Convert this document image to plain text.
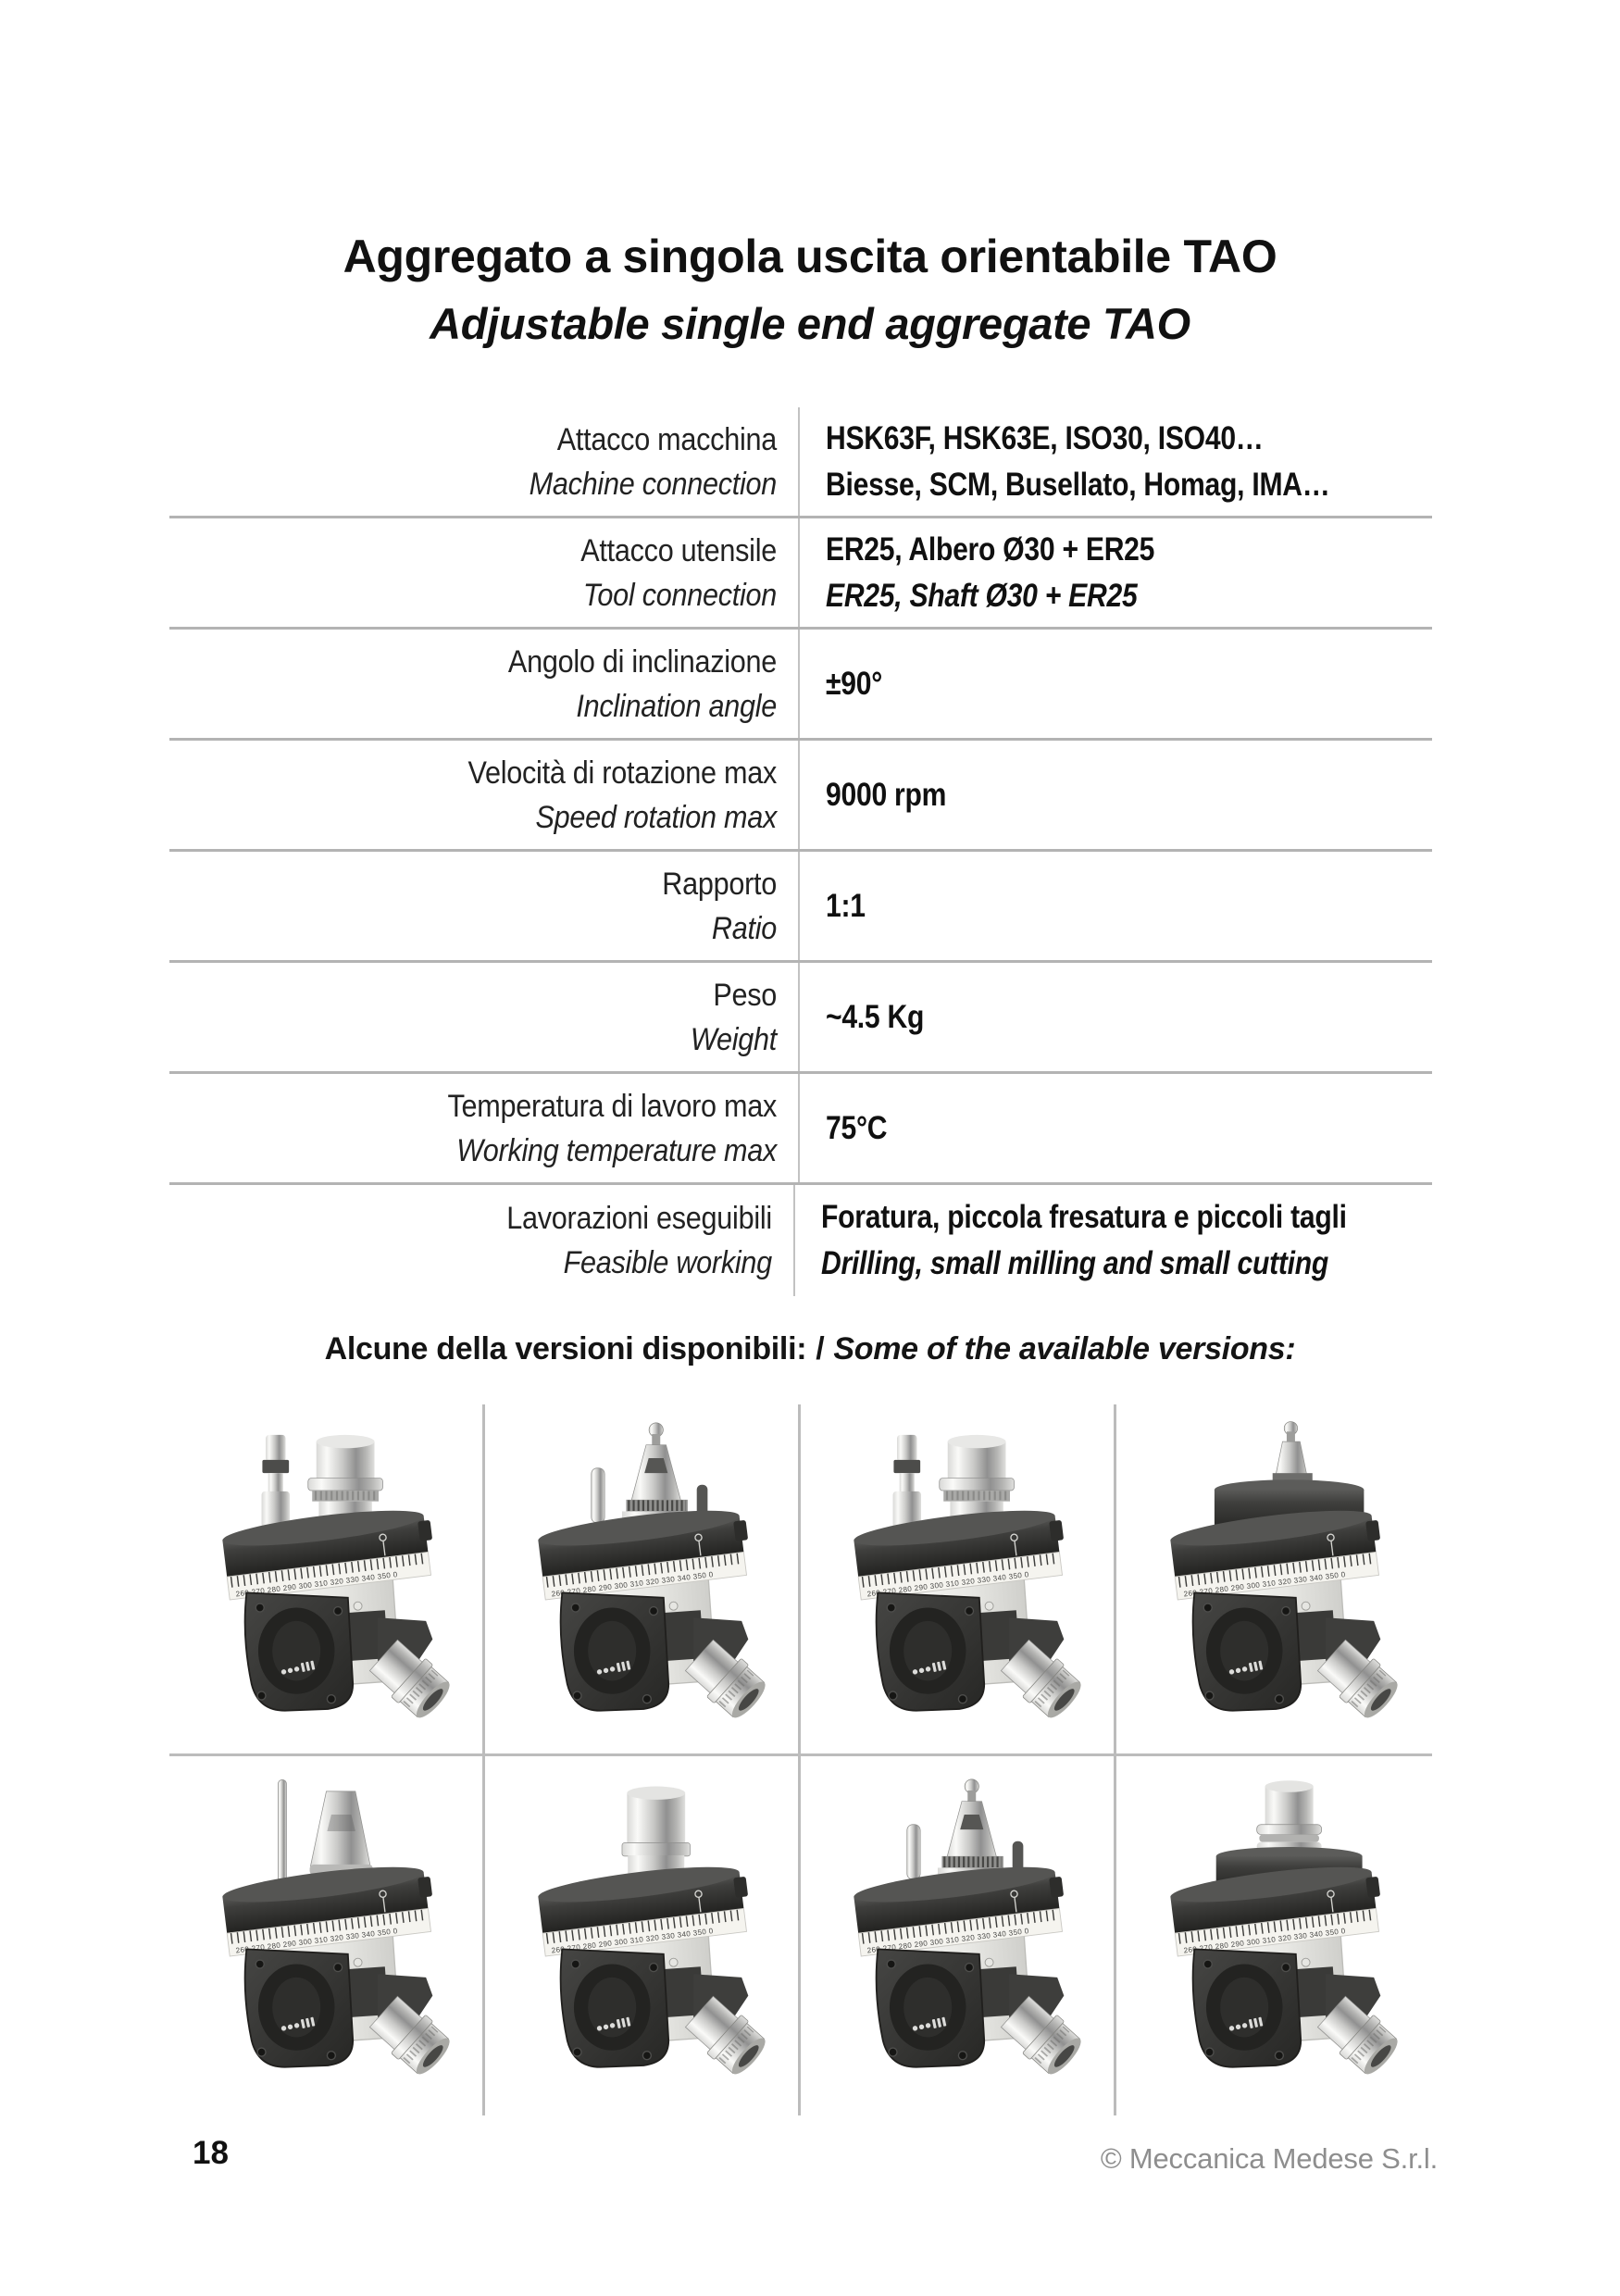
Aggregato a singola uscita orientabile TAO
Adjustable single end aggregate TAO
Attacco macchina
Machine connection
HSK63F, HSK63E, ISO30, ISO40…
Biesse, SCM, Busellato, Homag, IMA…
Attacco utensile
Tool connection
ER25, Albero Ø30 + ER25
ER25, Shaft Ø30 + ER25
Angolo di inclinazione
Inclination angle
±90°
Velocità di rotazione max
Speed rotation max
9000 rpm
Rapporto
Ratio
1:1
Peso
Weight
~4.5 Kg
Temperatura di lavoro max
Working temperature max
75°C
Lavorazioni eseguibili
Feasible working
Foratura, piccola fresatura e piccoli tagli
Drilling, small milling and small cutting
Alcune della versioni disponibili: / Some of the available versions:
18	© Meccanica Medese S.r.l.
